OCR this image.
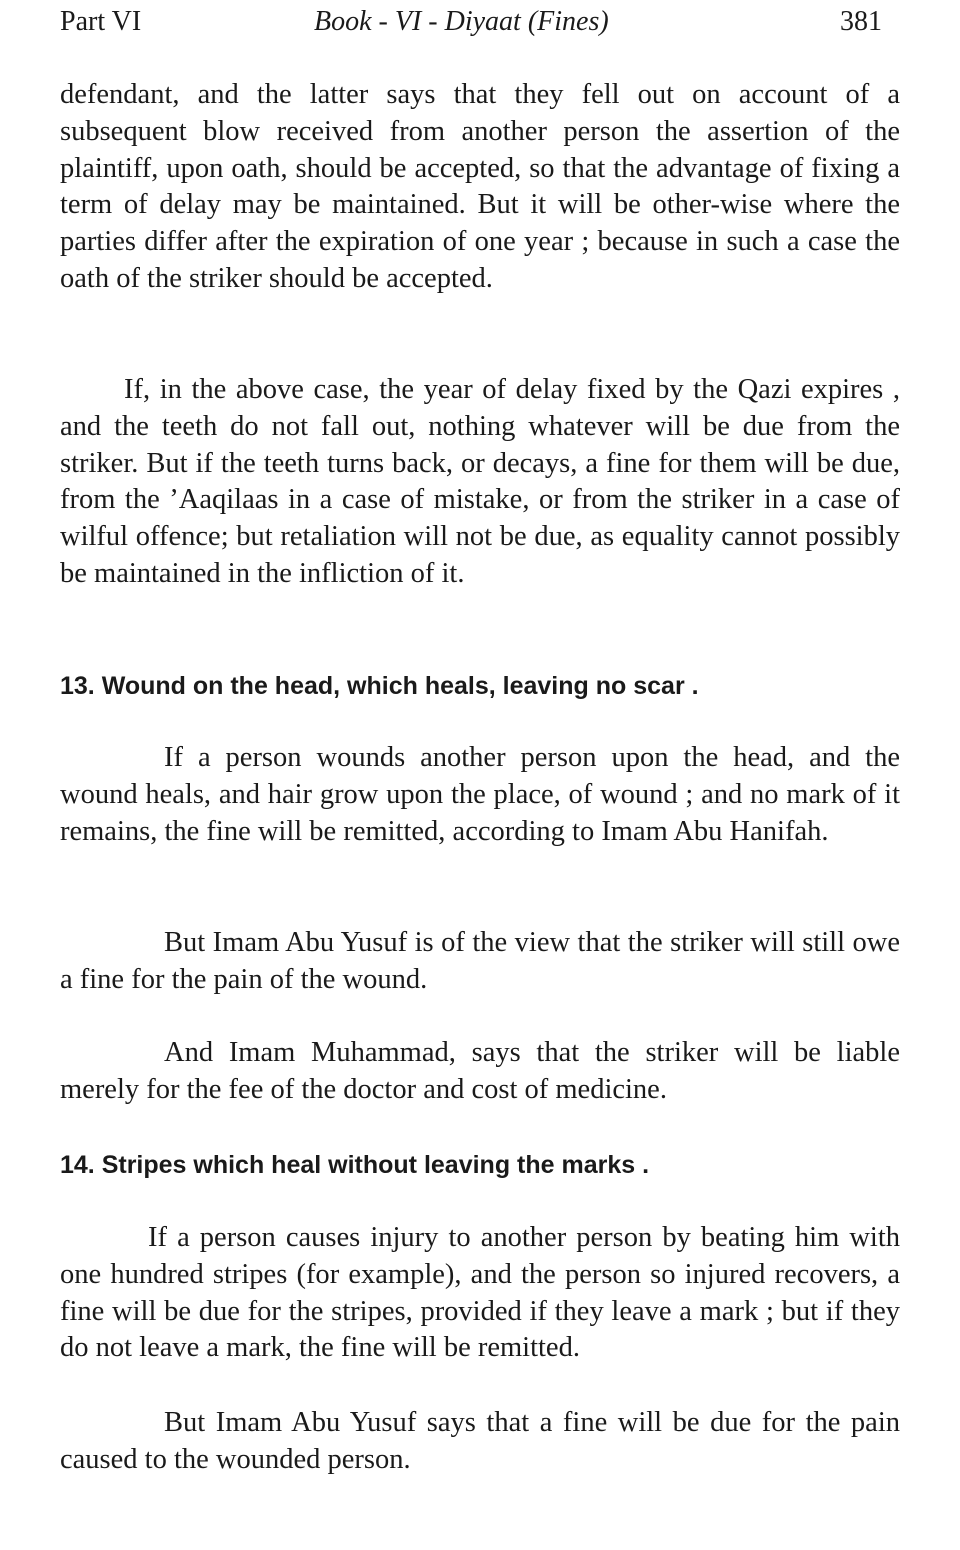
Part VI	Book - VI - Diyaat (Fines)	381

defendant, and the latter says that they fell out on account of a subsequent blow received from another person the assertion of the plaintiff, upon oath, should be accepted, so that the advantage of fixing a term of delay may be maintained. But it will be other-wise where the parties differ after the expiration of one year ; because in such a case the oath of the striker should be accepted.

If, in the above case, the year of delay fixed by the Qazi expires , and the teeth do not fall out, nothing whatever will be due from the striker. But if the teeth turns back, or decays, a fine for them will be due, from the ’Aaqilaas in a case of mistake, or from the striker in a case of wilful offence; but retaliation will not be due, as equality cannot possibly be maintained in the infliction of it.

13. Wound on the head, which heals, leaving no scar .

If a person wounds another person upon the head, and the wound heals, and hair grow upon the place, of wound ; and no mark of it remains, the fine will be remitted, according to Imam Abu Hanifah.

But Imam Abu Yusuf is of the view that the striker will still owe a fine for the pain of the wound.

And Imam Muhammad, says that the striker will be liable merely for the fee of the doctor and cost of medicine.

14. Stripes which heal without leaving the marks .

If a person causes injury to another person by beating him with one hundred stripes (for example), and the person so injured recovers, a fine will be due for the stripes, provided if they leave a mark ; but if they do not leave a mark, the fine will be remitted.

But Imam Abu Yusuf says that a fine will be due for the pain caused to the wounded person.
